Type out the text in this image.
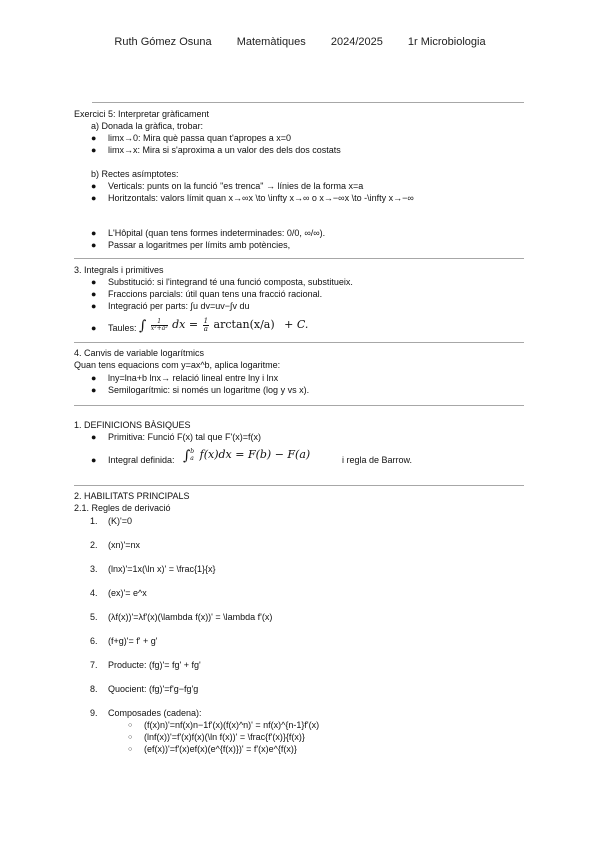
Ruth Gómez Osuna Matemàtiques 2024/2025 1r Microbiologia
Exercici 5: Interpretar gràficament
a) Donada la gràfica, trobar:
● limx→0: Mira què passa quan t'apropes a x=0
● limx→x: Mira si s'aproxima a un valor des dels dos costats
b) Rectes asímptotes:
● Verticals: punts on la funció "es trenca" → línies de la forma x=a
● Horitzontals: valors límit quan x→∞x \to \infty x→∞ o x→−∞x \to -\infty x→−∞
● L'Hôpital (quan tens formes indeterminades: 0/0, ∞/∞).
● Passar a logaritmes per límits amb potències,
3. Integrals i primitives
● Substitució: si l'integrand té una funció composta, substitueix.
● Fraccions parcials: útil quan tens una fracció racional.
● Integració per parts: ∫u dv=uv−∫v du
● Taules: ∫ $\frac{1}{\text{x²+a²}}$ dx = $\frac{1}{a} \arctan(x/a) + C$.
4. Canvis de variable logarítmics
Quan tens equacions com y=ax^b, aplica logaritme:
● lny=lna+b lnx→ relació lineal entre lny i lnx
● Semilogarítmic: si només un logaritme (log y vs x).
1. DEFINICIONS BÀSIQUES
● Primitiva: Funció F(x) tal que F'(x)=f(x)
● Integral definida: ∫ b
a f(x)dx = F(b) − F(a)	i regla de Barrow.
2. HABILITATS PRINCIPALS
2.1. Regles de derivació
1. (K)'=0
2. (xn)'=nx
3. (lnx)'=1x(\ln x)' = \frac{1}{x}
4. (ex)'= e^x
5. (λf(x))'=λf'(x)(\lambda f(x))' = \lambda f'(x)
6. (f+g)'= f' + g'
7. Producte: (fg)'= fg' + fg'
8. Quocient: (fg)'=f'g−fg'g
9. Composades (cadena):
○ (f(x)n)'=nf(x)n−1f'(x)(f(x)^n)' = nf(x)^{n-1}f'(x)
○ (lnf(x))'=f'(x)f(x)(\ln f(x))' = \frac{f'(x)}{f(x)}
○ (ef(x))'=f'(x)ef(x)(e^{f(x)})' = f'(x)e^{f(x)}
